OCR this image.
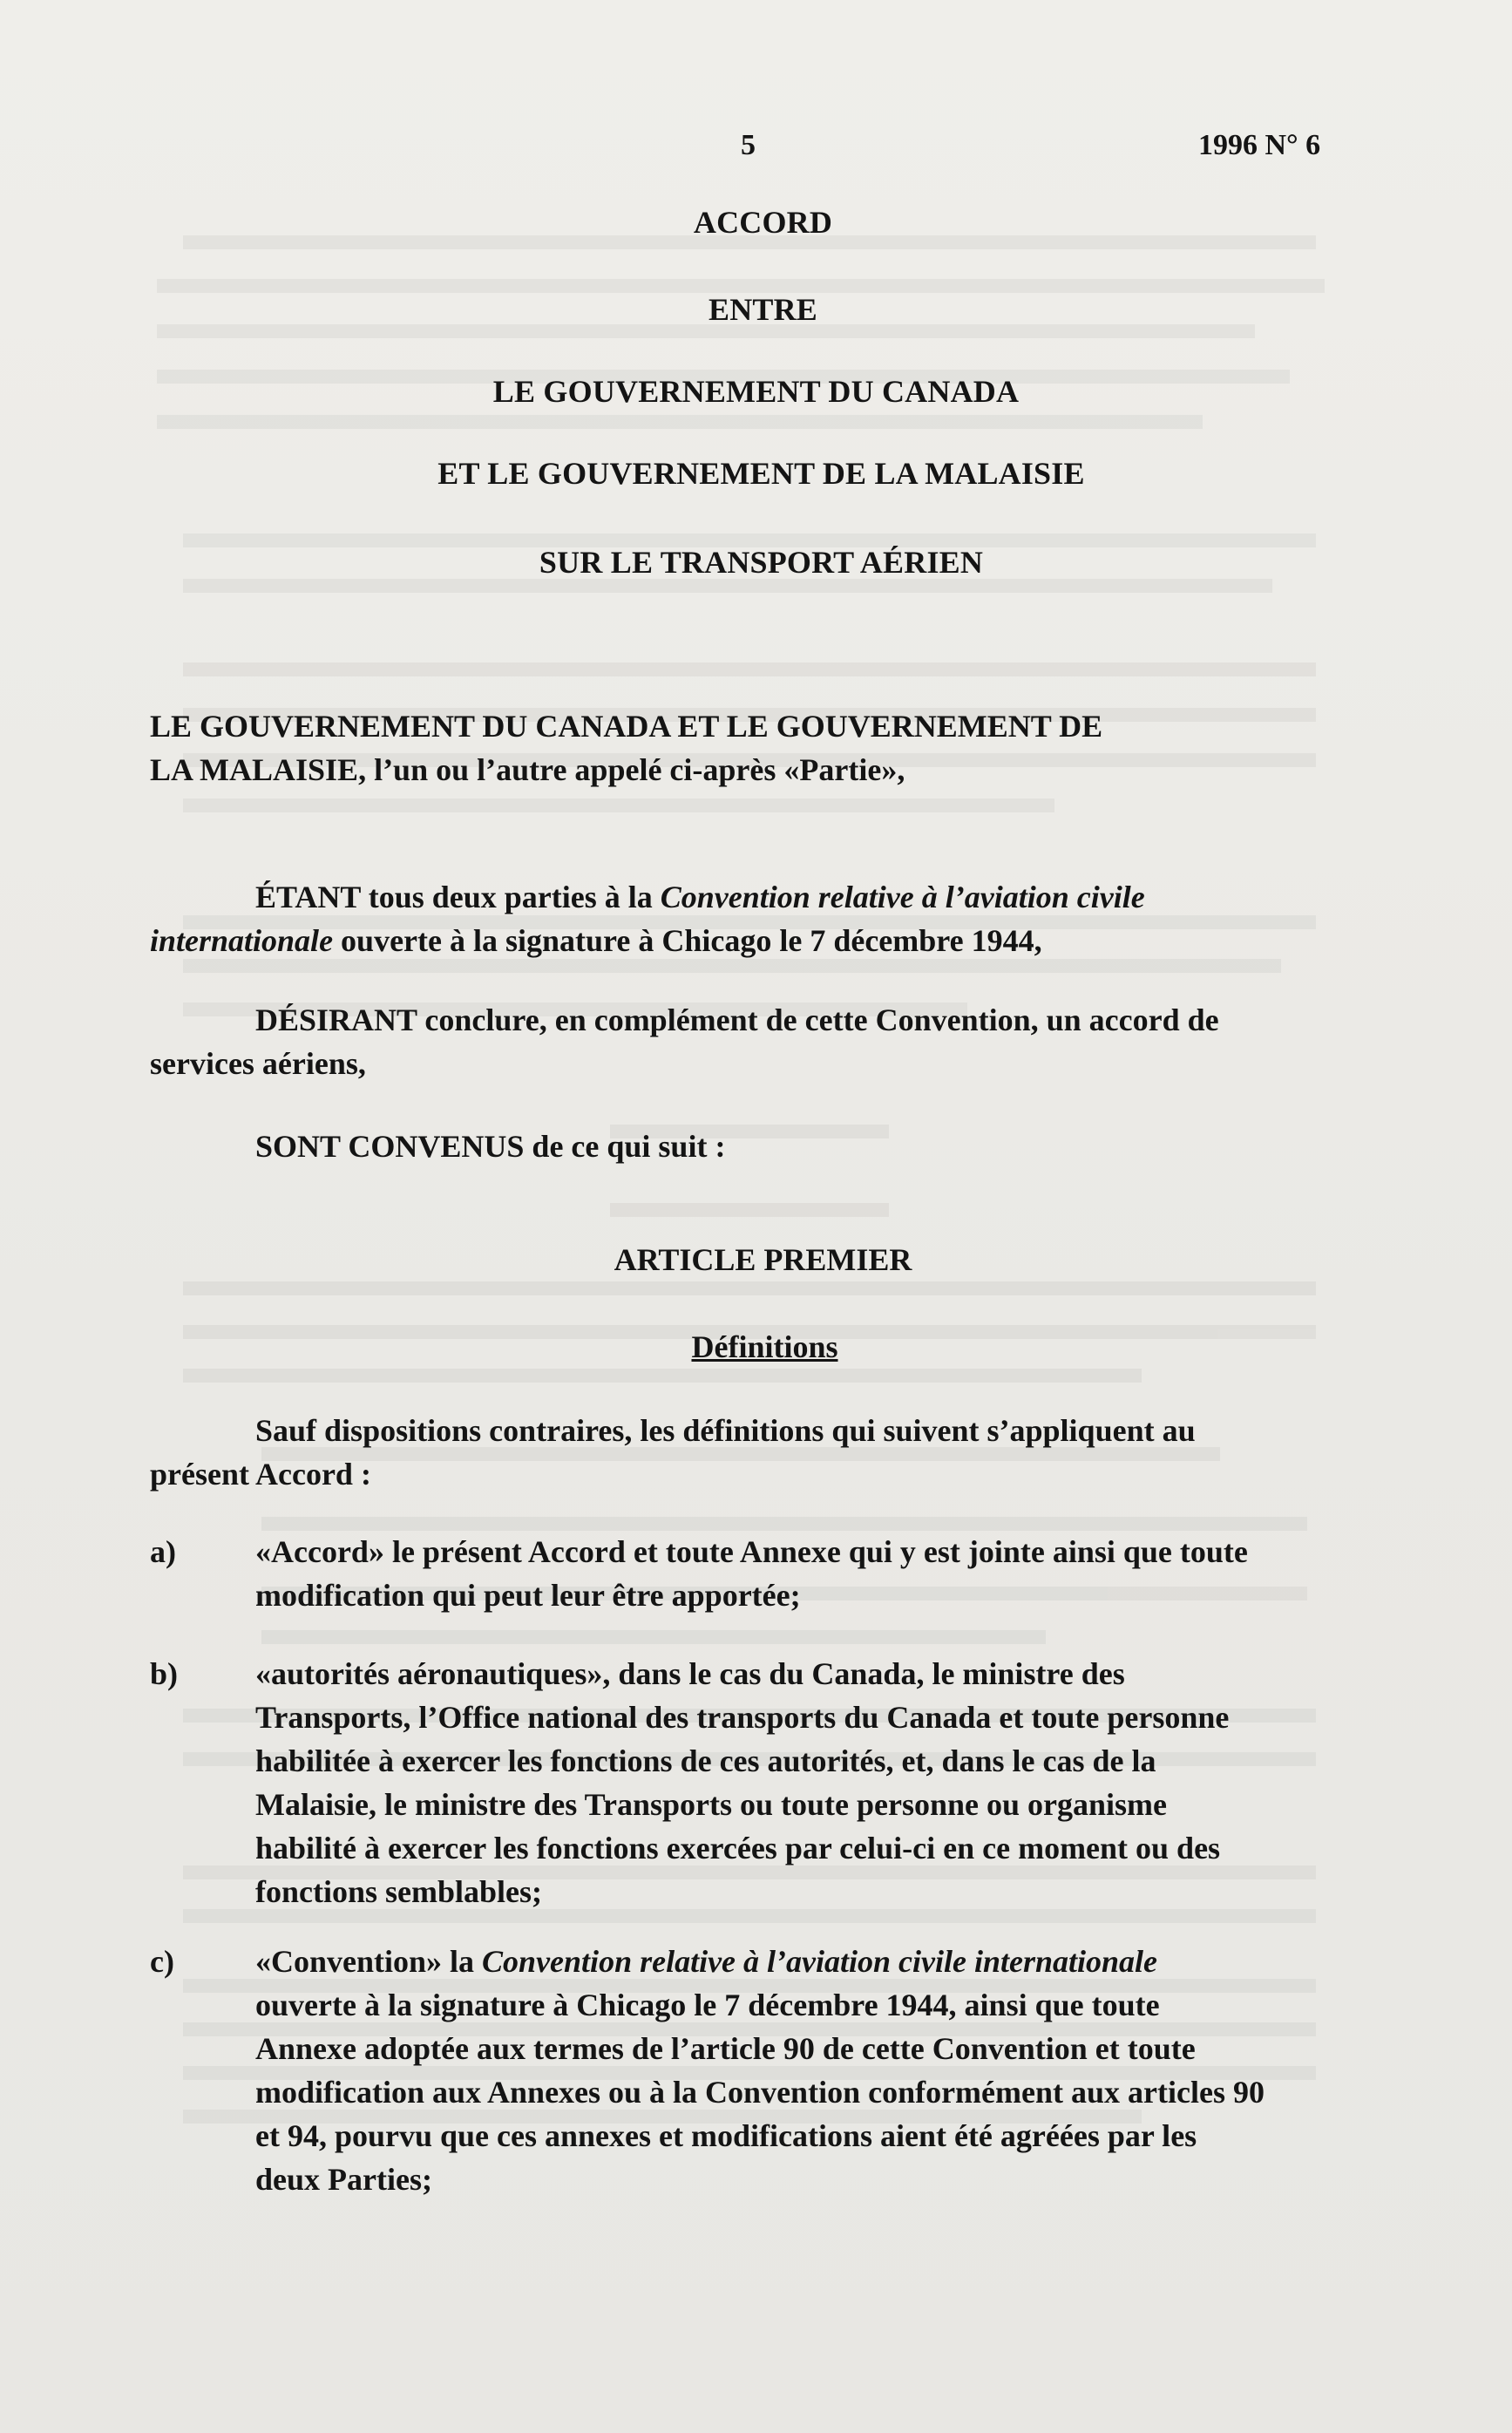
5	1996 N° 6
ACCORD
ENTRE
LE GOUVERNEMENT DU CANADA
ET LE GOUVERNEMENT DE LA MALAISIE
SUR LE TRANSPORT AÉRIEN
LE GOUVERNEMENT DU CANADA ET LE GOUVERNEMENT DE
LA MALAISIE, l’un ou l’autre appelé ci-après «Partie»,
ÉTANT tous deux parties à la Convention relative à l’aviation civile
internationale ouverte à la signature à Chicago le 7 décembre 1944,
DÉSIRANT conclure, en complément de cette Convention, un accord de
services aériens,
SONT CONVENUS de ce qui suit :
ARTICLE PREMIER
Définitions
Sauf dispositions contraires, les définitions qui suivent s’appliquent au
présent Accord :
a)	«Accord» le présent Accord et toute Annexe qui y est jointe ainsi que toute
modification qui peut leur être apportée;
b) «autorités aéronautiques», dans le cas du Canada, le ministre des
Transports, l’Office national des transports du Canada et toute personne
habilitée à exercer les fonctions de ces autorités, et, dans le cas de la
Malaisie, le ministre des Transports ou toute personne ou organisme
habilité à exercer les fonctions exercées par celui-ci en ce moment ou des
fonctions semblables;
c)	«Convention» la Convention relative à l’aviation civile internationale
ouverte à la signature à Chicago le 7 décembre 1944, ainsi que toute
Annexe adoptée aux termes de l’article 90 de cette Convention et toute
modification aux Annexes ou à la Convention conformément aux articles 90
et 94, pourvu que ces annexes et modifications aient été agréées par les
deux Parties;
